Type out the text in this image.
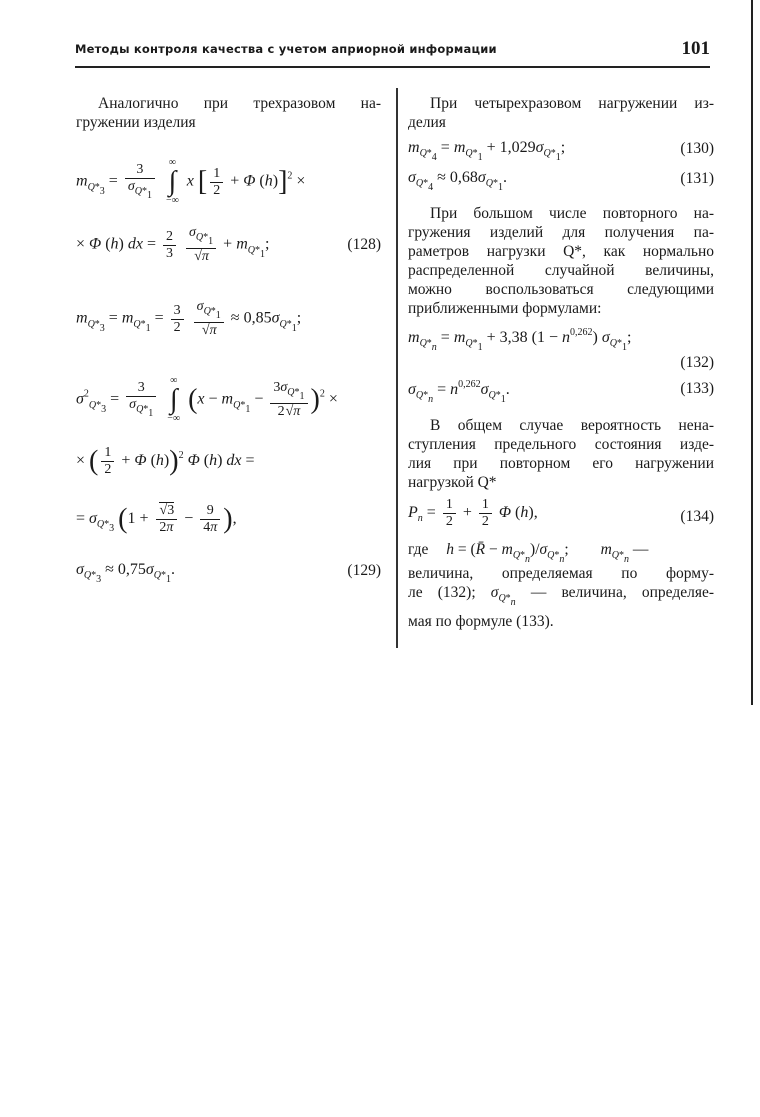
Методы контроля качества с учетом априорной информации	101

Аналогично при трехразовом на-
гружении изделия

$m_{Q*_3} = \frac{3}{\sigma_{Q*_1}}$

∞
∫
−∞
x [ $\frac{1}{2} + \Phi$ (h)]$^2$ ×
× Φ (h) dx = $\frac{2}{3}$
$\frac{\sigma_{Q*_1}}{√\pi} + m_{Q*_1}$;	(128)
$m_{Q*_3} = m_{Q*_1} = \frac{3}{2}$
$\frac{\sigma_{Q*_1}}{√\pi} \approx 0,85\sigma_{Q*_1}$;
$\sigma^2_{Q*_3} = \frac{3}{\sigma_{Q*_1}}$

∞
∫
−∞
$(x - m_{Q*_1} - \frac{3\sigma_{Q*_1}}{2√\pi} )^2$ ×
× ( $\frac{1}{2} + \Phi$ (h))$^2$ Φ (h) dx =
= $\sigma_{Q*_3}$ ($1 + \frac{√3}{2\pi} - \frac{9}{4\pi}$ ),
$\sigma_{Q*_3} \approx 0,75\sigma_{Q*_1}$.	(129)

При четырехразовом нагружении из-
делия

$m_{Q*_4} = m_{Q*_1} + 1,029\sigma_{Q*_1}$;	(130)
$\sigma_{Q*_4} \approx 0,68\sigma_{Q*_1}$.	(131)

При большом числе повторного на-
гружения изделий для получения па-
раметров нагрузки Q*, как нормально
распределенной случайной величины,
можно воспользоваться следующими
приближенными формулами:

$m_{Q*_n} = m_{Q*_1} + 3,38$ $(1 - n^{0,262})$ $\sigma_{Q*_1}$;
(132)
$\sigma_{Q*_n} = n^{0,262}\sigma_{Q*_1}$.	(133)

В общем случае вероятность нена-
ступления предельного состояния изде-
лия при повторном его нагружении
нагрузкой Q*

$P_n = \frac{1}{2} + \frac{1}{2}$ Φ (h),	(134)
где h = (R̄ − $m_{Q*_n})/\sigma_{Q*_n}$; $m_{Q*_n}$ —

величина, определяемая по форму-
ле (132); $\sigma_{Q*_n}$ — величина, определяе-
мая по формуле (133).
